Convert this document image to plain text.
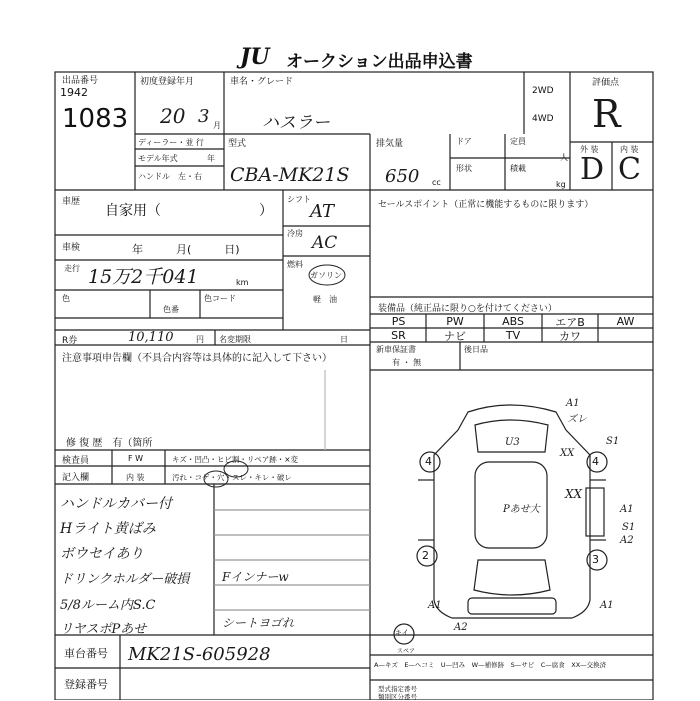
JU オークション出品申込書
出品番号
1942
1083
初度登録年月
20 3 月
ディーラー・並 行
モデル年式	年
ハンドル　左・右
車名・グレード
ハスラー
型式
CBA-MK21S
排気量
650 cc
ドア	定員
人
形状	積載
kg
2WD
4WD
評価点
R
外 装	内 装
D C
車歴
自家用（　　　　　　　）
車検	年　　　月(　　　日)
走行 15万2千041	km
色
色番
色コード
シフト
AT
冷房 AC
燃料
ガソリン
軽　油
セールスポイント（正常に機能するものに限ります）
R券	10,110	円 名変期限	日
装備品（純正品に限り○を付けてください）
PS	PW	ABS	エアB	AW
SR	ナビ	TV	カワ
新車保証書
有 ・ 無
後日品
注意事項申告欄（不具合内容等は具体的に記入して下さい）
修 復 歴　有（箇所
検査員
記入欄
F W	キズ・凹凸・ヒビ割・リペア跡・×変
内 装	汚れ・コゲ・穴・スレ・キレ・破レ
ハンドルカバー付
Hライト黄ばみ
ボウセイあり
ドリンクホルダー破損
5/8ルーム内S.C
リヤスポPあせ
Fインナーw
シートヨゴれ
A1
ズレ
U3	S1
XX
XX
Pあせ大	A1
S1
A2
A1	A1
A2
4	4
2	3
キイ
スペア
A—キズ　E—ヘコミ　U—凹み　W—補修跡　S—サビ　C—腐食　XX—交換済
車台番号 MK21S-605928
登録番号	型式指定番号
類別区分番号
